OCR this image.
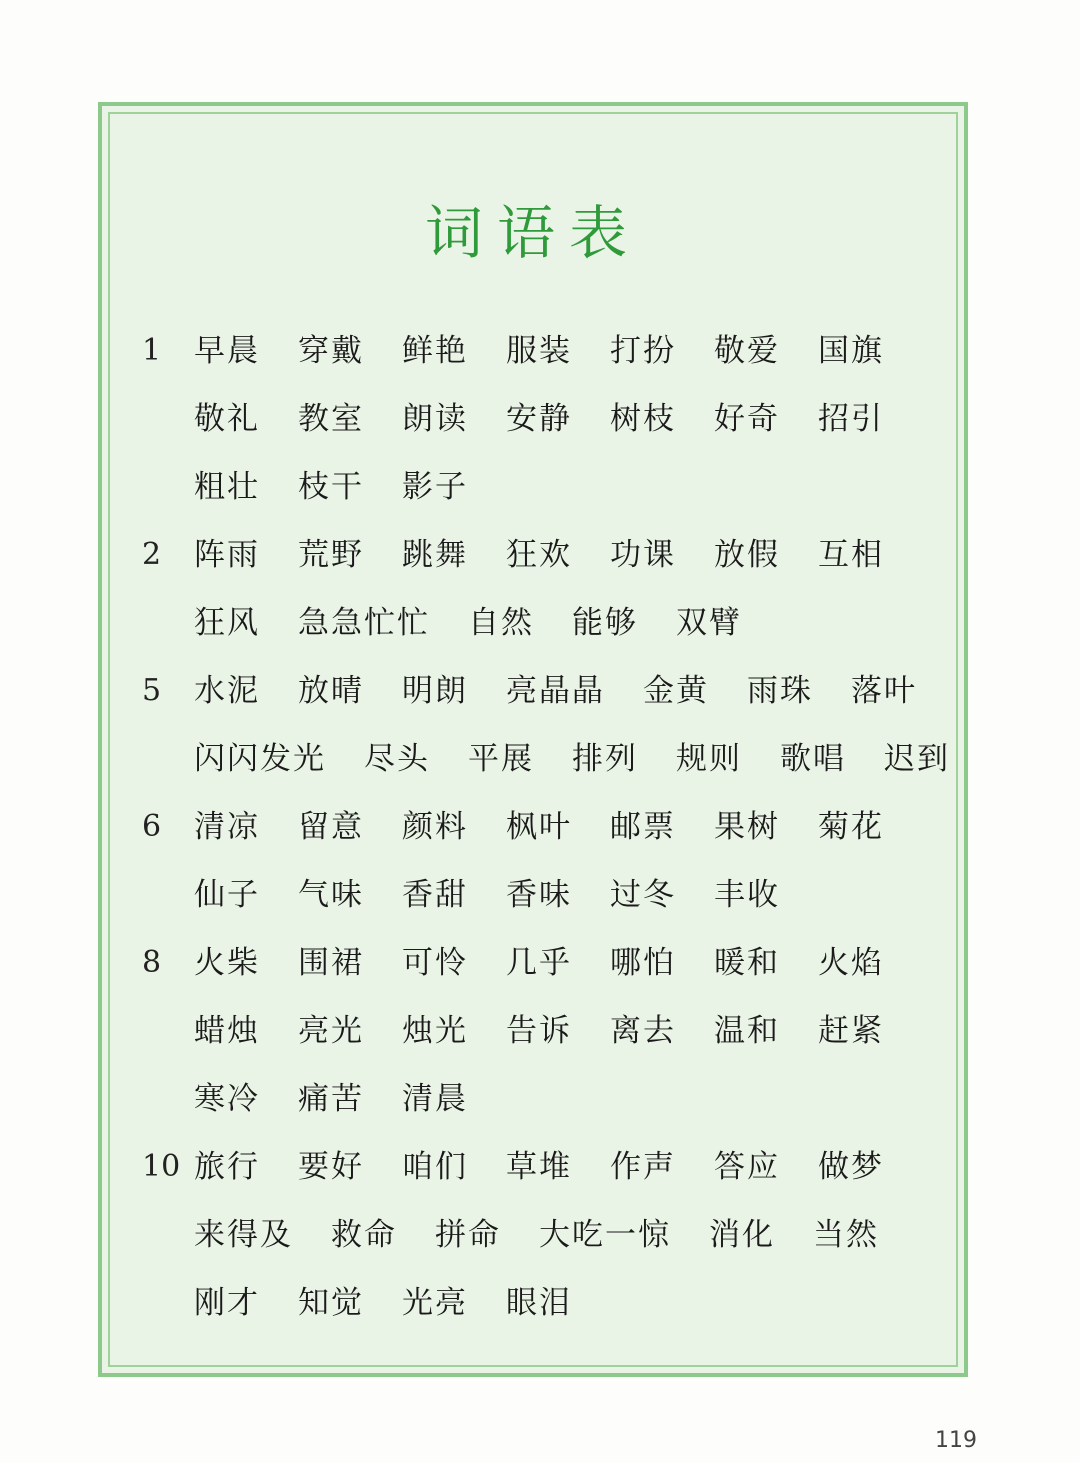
词语表
1 早晨 穿戴 鲜艳 服装 打扮 敬爱 国旗
敬礼 教室 朗读 安静 树枝 好奇 招引
粗壮 枝干 影子
2 阵雨 荒野 跳舞 狂欢 功课 放假 互相
狂风 急急忙忙 自然 能够 双臂
5 水泥 放晴 明朗 亮晶晶 金黄 雨珠 落叶
闪闪发光 尽头 平展 排列 规则 歌唱 迟到
6 清凉 留意 颜料 枫叶 邮票 果树 菊花
仙子 气味 香甜 香味 过冬 丰收
8 火柴 围裙 可怜 几乎 哪怕 暖和 火焰
蜡烛 亮光 烛光 告诉 离去 温和 赶紧
寒冷 痛苦 清晨
10 旅行 要好 咱们 草堆 作声 答应 做梦
来得及 救命 拼命 大吃一惊 消化 当然
刚才 知觉 光亮 眼泪
119
